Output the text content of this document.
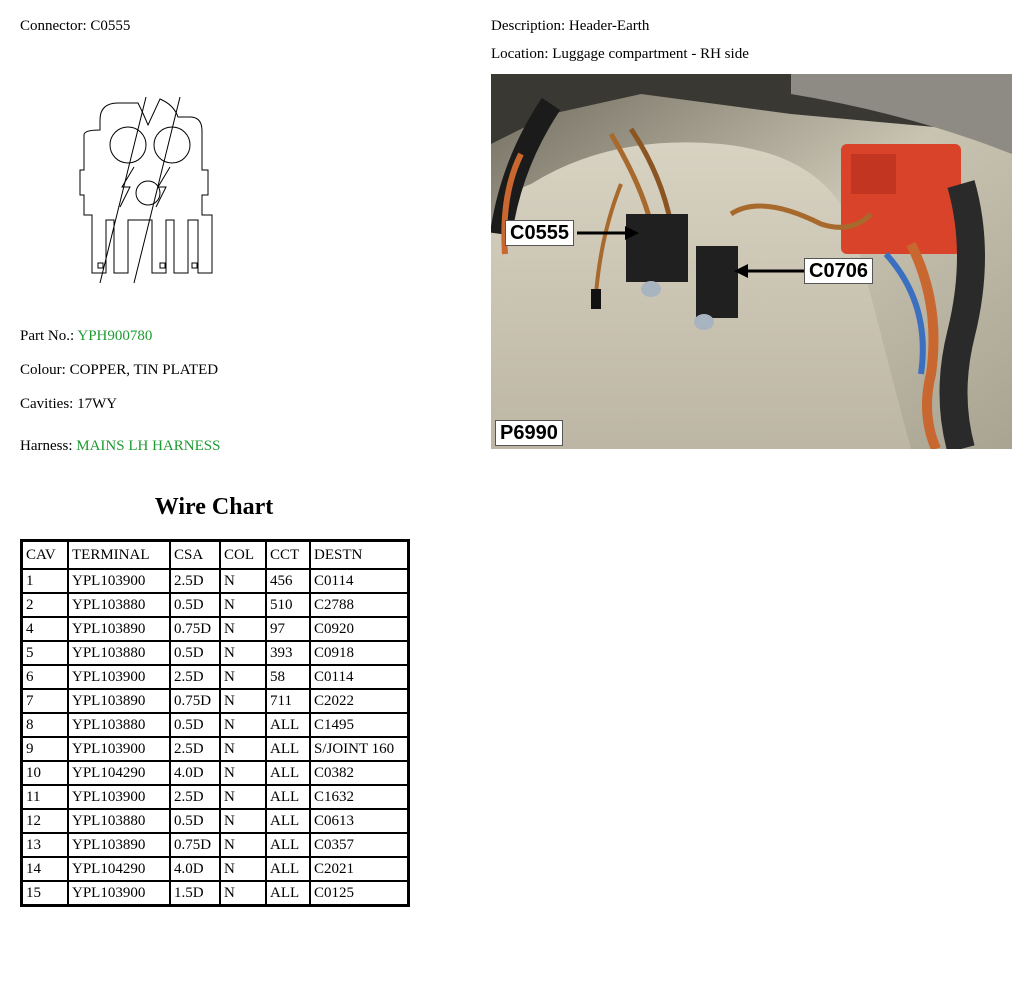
Connector: C0555	Description: Header-Earth
Location: Luggage compartment - RH side
Part No.: YPH900780
Colour: COPPER, TIN PLATED
Cavities: 17WY
Harness: MAINS LH HARNESS
C0555
C0706
P6990
Wire Chart
CAV	TERMINAL	CSA	COL	CCT	DESTN
1	YPL103900	2.5D	N	456	C0114
2	YPL103880	0.5D	N	510	C2788
4	YPL103890	0.75D	N	97	C0920
5	YPL103880	0.5D	N	393	C0918
6	YPL103900	2.5D	N	58	C0114
7	YPL103890	0.75D	N	711	C2022
8	YPL103880	0.5D	N	ALL	C1495
9	YPL103900	2.5D	N	ALL	S/JOINT 160
10	YPL104290	4.0D	N	ALL	C0382
11	YPL103900	2.5D	N	ALL	C1632
12	YPL103880	0.5D	N	ALL	C0613
13	YPL103890	0.75D	N	ALL	C0357
14	YPL104290	4.0D	N	ALL	C2021
15	YPL103900	1.5D	N	ALL	C0125
